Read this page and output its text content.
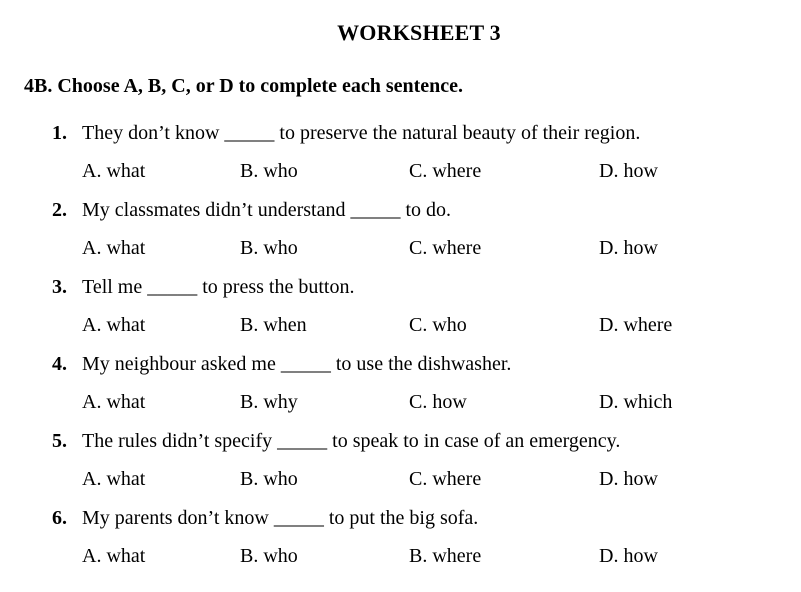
WORKSHEET 3
4B. Choose A, B, C, or D to complete each sentence.
1. They don’t know _____ to preserve the natural beauty of their region.
A. what	B. who	C. where	D. how
2. My classmates didn’t understand _____ to do.
A. what	B. who	C. where	D. how
3. Tell me _____ to press the button.
A. what	B. when	C. who	D. where
4. My neighbour asked me _____ to use the dishwasher.
A. what	B. why	C. how	D. which
5. The rules didn’t specify _____ to speak to in case of an emergency.
A. what	B. who	C. where	D. how
6. My parents don’t know _____ to put the big sofa.
A. what	B. who	B. where	D. how
